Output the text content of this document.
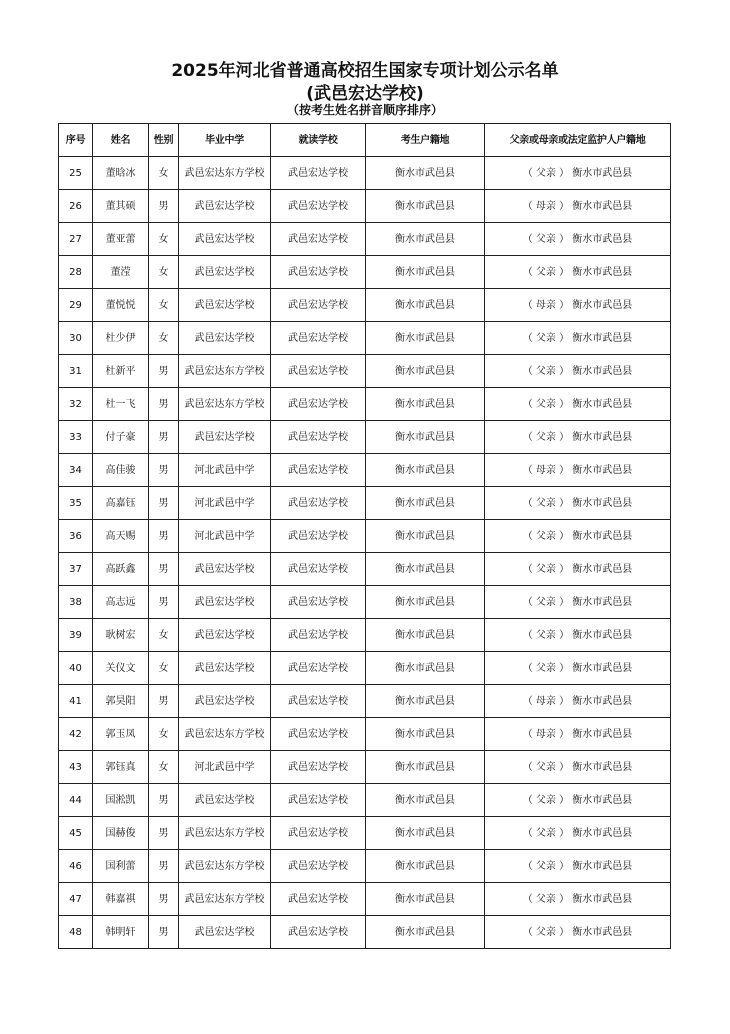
2025年河北省普通高校招生国家专项计划公示名单
(武邑宏达学校)
（按考生姓名拼音顺序排序）
序号	姓名	性别	毕业中学	就读学校	考生户籍地	父亲或母亲或法定监护人户籍地
25	董晗冰	女	武邑宏达东方学校	武邑宏达学校	衡水市武邑县	（ 父亲 ） 衡水市武邑县
26	董其硕	男	武邑宏达学校	武邑宏达学校	衡水市武邑县	（ 母亲 ） 衡水市武邑县
27	董亚蕾	女	武邑宏达学校	武邑宏达学校	衡水市武邑县	（ 父亲 ） 衡水市武邑县
28	董滢	女	武邑宏达学校	武邑宏达学校	衡水市武邑县	（ 父亲 ） 衡水市武邑县
29	董悦悦	女	武邑宏达学校	武邑宏达学校	衡水市武邑县	（ 母亲 ） 衡水市武邑县
30	杜少伊	女	武邑宏达学校	武邑宏达学校	衡水市武邑县	（ 父亲 ） 衡水市武邑县
31	杜新平	男	武邑宏达东方学校	武邑宏达学校	衡水市武邑县	（ 父亲 ） 衡水市武邑县
32	杜一飞	男	武邑宏达东方学校	武邑宏达学校	衡水市武邑县	（ 父亲 ） 衡水市武邑县
33	付子豪	男	武邑宏达学校	武邑宏达学校	衡水市武邑县	（ 父亲 ） 衡水市武邑县
34	高佳骏	男	河北武邑中学	武邑宏达学校	衡水市武邑县	（ 母亲 ） 衡水市武邑县
35	高嘉钰	男	河北武邑中学	武邑宏达学校	衡水市武邑县	（ 父亲 ） 衡水市武邑县
36	高天赐	男	河北武邑中学	武邑宏达学校	衡水市武邑县	（ 父亲 ） 衡水市武邑县
37	高跃鑫	男	武邑宏达学校	武邑宏达学校	衡水市武邑县	（ 父亲 ） 衡水市武邑县
38	高志远	男	武邑宏达学校	武邑宏达学校	衡水市武邑县	（ 父亲 ） 衡水市武邑县
39	耿树宏	女	武邑宏达学校	武邑宏达学校	衡水市武邑县	（ 父亲 ） 衡水市武邑县
40	关仪文	女	武邑宏达学校	武邑宏达学校	衡水市武邑县	（ 父亲 ） 衡水市武邑县
41	郭昊阳	男	武邑宏达学校	武邑宏达学校	衡水市武邑县	（ 母亲 ） 衡水市武邑县
42	郭玉凤	女	武邑宏达东方学校	武邑宏达学校	衡水市武邑县	（ 母亲 ） 衡水市武邑县
43	郭钰真	女	河北武邑中学	武邑宏达学校	衡水市武邑县	（ 父亲 ） 衡水市武邑县
44	国淞凯	男	武邑宏达学校	武邑宏达学校	衡水市武邑县	（ 父亲 ） 衡水市武邑县
45	国赫俊	男	武邑宏达东方学校	武邑宏达学校	衡水市武邑县	（ 父亲 ） 衡水市武邑县
46	国利蕾	男	武邑宏达东方学校	武邑宏达学校	衡水市武邑县	（ 父亲 ） 衡水市武邑县
47	韩嘉祺	男	武邑宏达东方学校	武邑宏达学校	衡水市武邑县	（ 父亲 ） 衡水市武邑县
48	韩明轩	男	武邑宏达学校	武邑宏达学校	衡水市武邑县	（ 父亲 ） 衡水市武邑县
